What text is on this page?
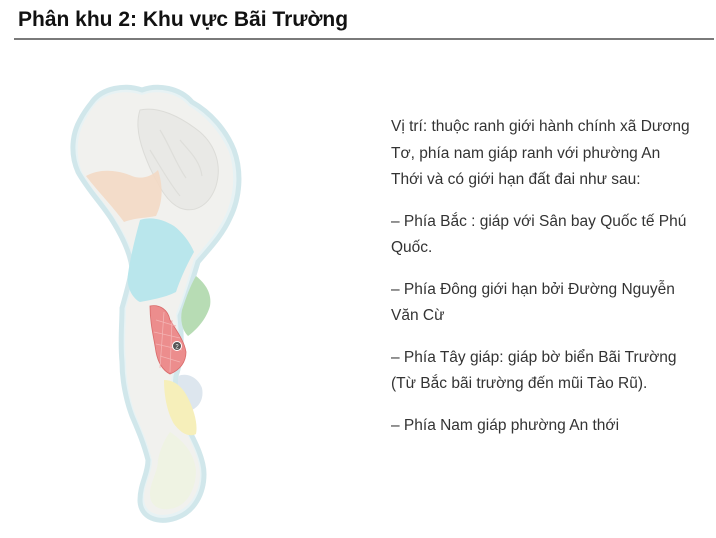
Phân khu 2: Khu vực Bãi Trường
2

Vị trí: thuộc ranh giới hành chính xã Dương Tơ, phía nam giáp ranh với phường An Thới và có giới hạn đất đai như sau:

– Phía Bắc : giáp với Sân bay Quốc tế Phú Quốc.

– Phía Đông giới hạn bởi Đường Nguyễn Văn Cừ

– Phía Tây giáp: giáp bờ biển Bãi Trường (Từ Bắc bãi trường đến mũi Tào Rũ).

– Phía Nam giáp phường An thới
